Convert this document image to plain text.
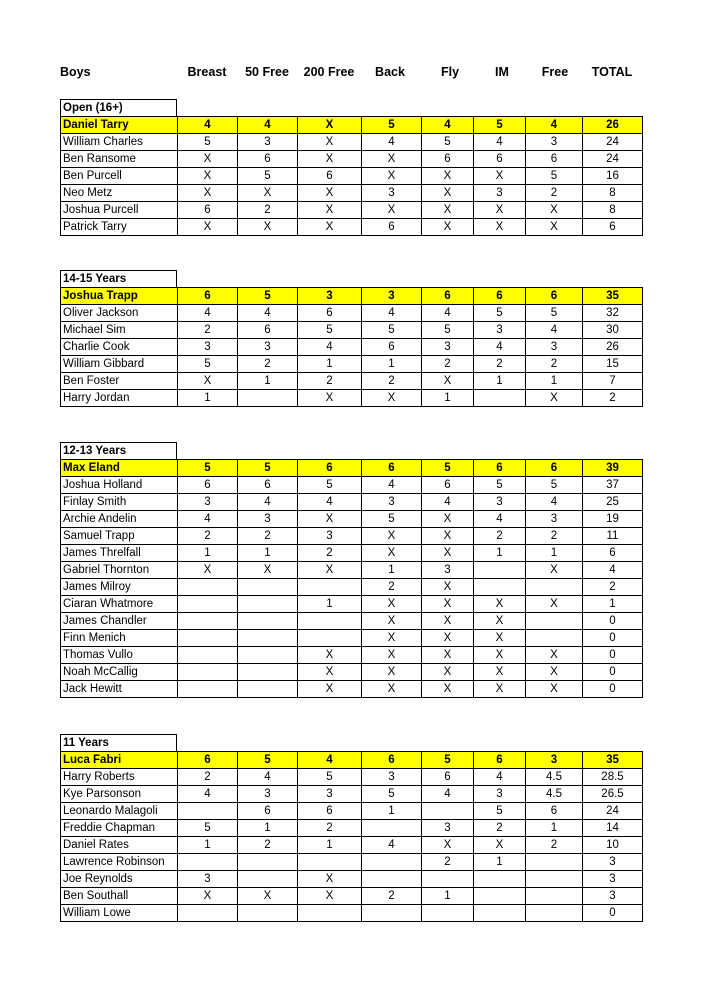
Boys	Breast	50 Free	200 Free	Back	Fly	IM	Free	TOTAL
Open (16+)
Daniel Tarry	4	4	X	5	4	5	4	26
William Charles	5	3	X	4	5	4	3	24
Ben Ransome	X	6	X	X	6	6	6	24
Ben Purcell	X	5	6	X	X	X	5	16
Neo Metz	X	X	X	3	X	3	2	8
Joshua Purcell	6	2	X	X	X	X	X	8
Patrick Tarry	X	X	X	6	X	X	X	6
14-15 Years
Joshua Trapp	6	5	3	3	6	6	6	35
Oliver Jackson	4	4	6	4	4	5	5	32
Michael Sim	2	6	5	5	5	3	4	30
Charlie Cook	3	3	4	6	3	4	3	26
William Gibbard	5	2	1	1	2	2	2	15
Ben Foster	X	1	2	2	X	1	1	7
Harry Jordan	1		X	X	1		X	2
12-13 Years
Max Eland	5	5	6	6	5	6	6	39
Joshua Holland	6	6	5	4	6	5	5	37
Finlay Smith	3	4	4	3	4	3	4	25
Archie Andelin	4	3	X	5	X	4	3	19
Samuel Trapp	2	2	3	X	X	2	2	11
James Threlfall	1	1	2	X	X	1	1	6
Gabriel Thornton	X	X	X	1	3		X	4
James Milroy				2	X			2
Ciaran Whatmore			1	X	X	X	X	1
James Chandler				X	X	X		0
Finn Menich				X	X	X		0
Thomas Vullo			X	X	X	X	X	0
Noah McCallig			X	X	X	X	X	0
Jack Hewitt			X	X	X	X	X	0
11 Years
Luca Fabri	6	5	4	6	5	6	3	35
Harry Roberts	2	4	5	3	6	4	4.5	28.5
Kye Parsonson	4	3	3	5	4	3	4.5	26.5
Leonardo Malagoli		6	6	1		5	6	24
Freddie Chapman	5	1	2		3	2	1	14
Daniel Rates	1	2	1	4	X	X	2	10
Lawrence Robinson					2	1		3
Joe Reynolds	3		X					3
Ben Southall	X	X	X	2	1			3
William Lowe								0
